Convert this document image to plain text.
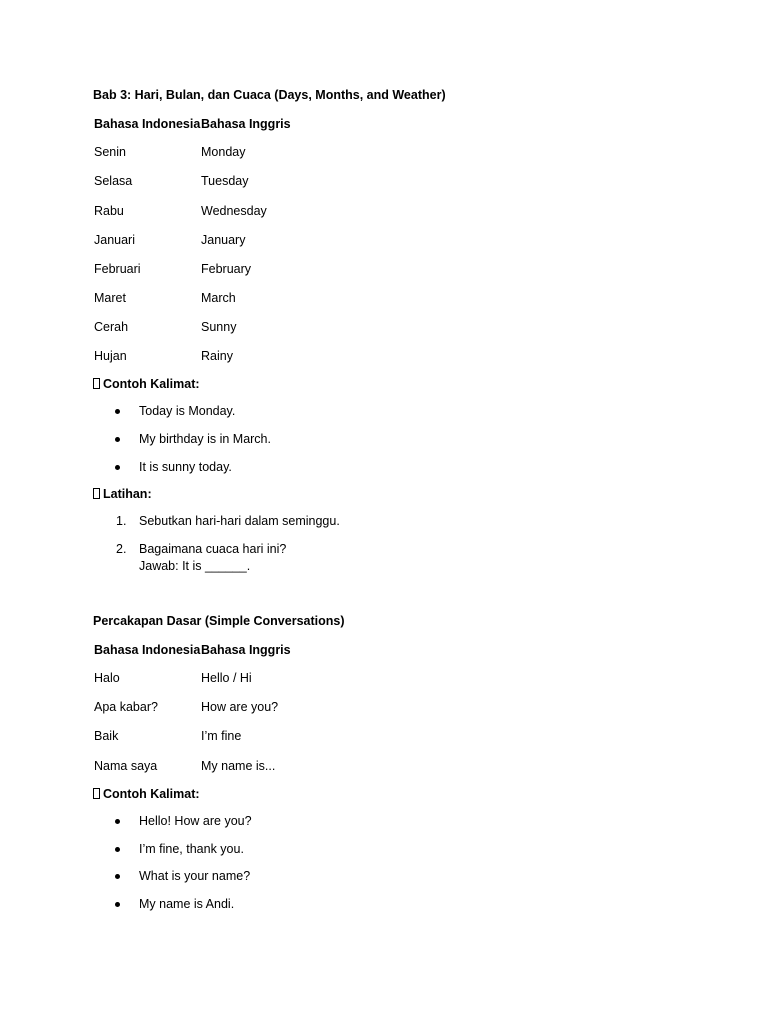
Bab 3: Hari, Bulan, dan Cuaca (Days, Months, and Weather)
Bahasa Indonesia Bahasa Inggris
Senin	Monday
Selasa	Tuesday
Rabu	Wednesday
Januari	January
Februari	February
Maret	March
Cerah	Sunny
Hujan	Rainy
Contoh Kalimat:
Today is Monday.
My birthday is in March.
It is sunny today.
Latihan:
1. Sebutkan hari-hari dalam seminggu.
2. Bagaimana cuaca hari ini?
Jawab: It is ______.
Percakapan Dasar (Simple Conversations)
Bahasa Indonesia Bahasa Inggris
Halo	Hello / Hi
Apa kabar?	How are you?
Baik	I’m fine
Nama saya	My name is...
Contoh Kalimat:
Hello! How are you?
I’m fine, thank you.
What is your name?
My name is Andi.
